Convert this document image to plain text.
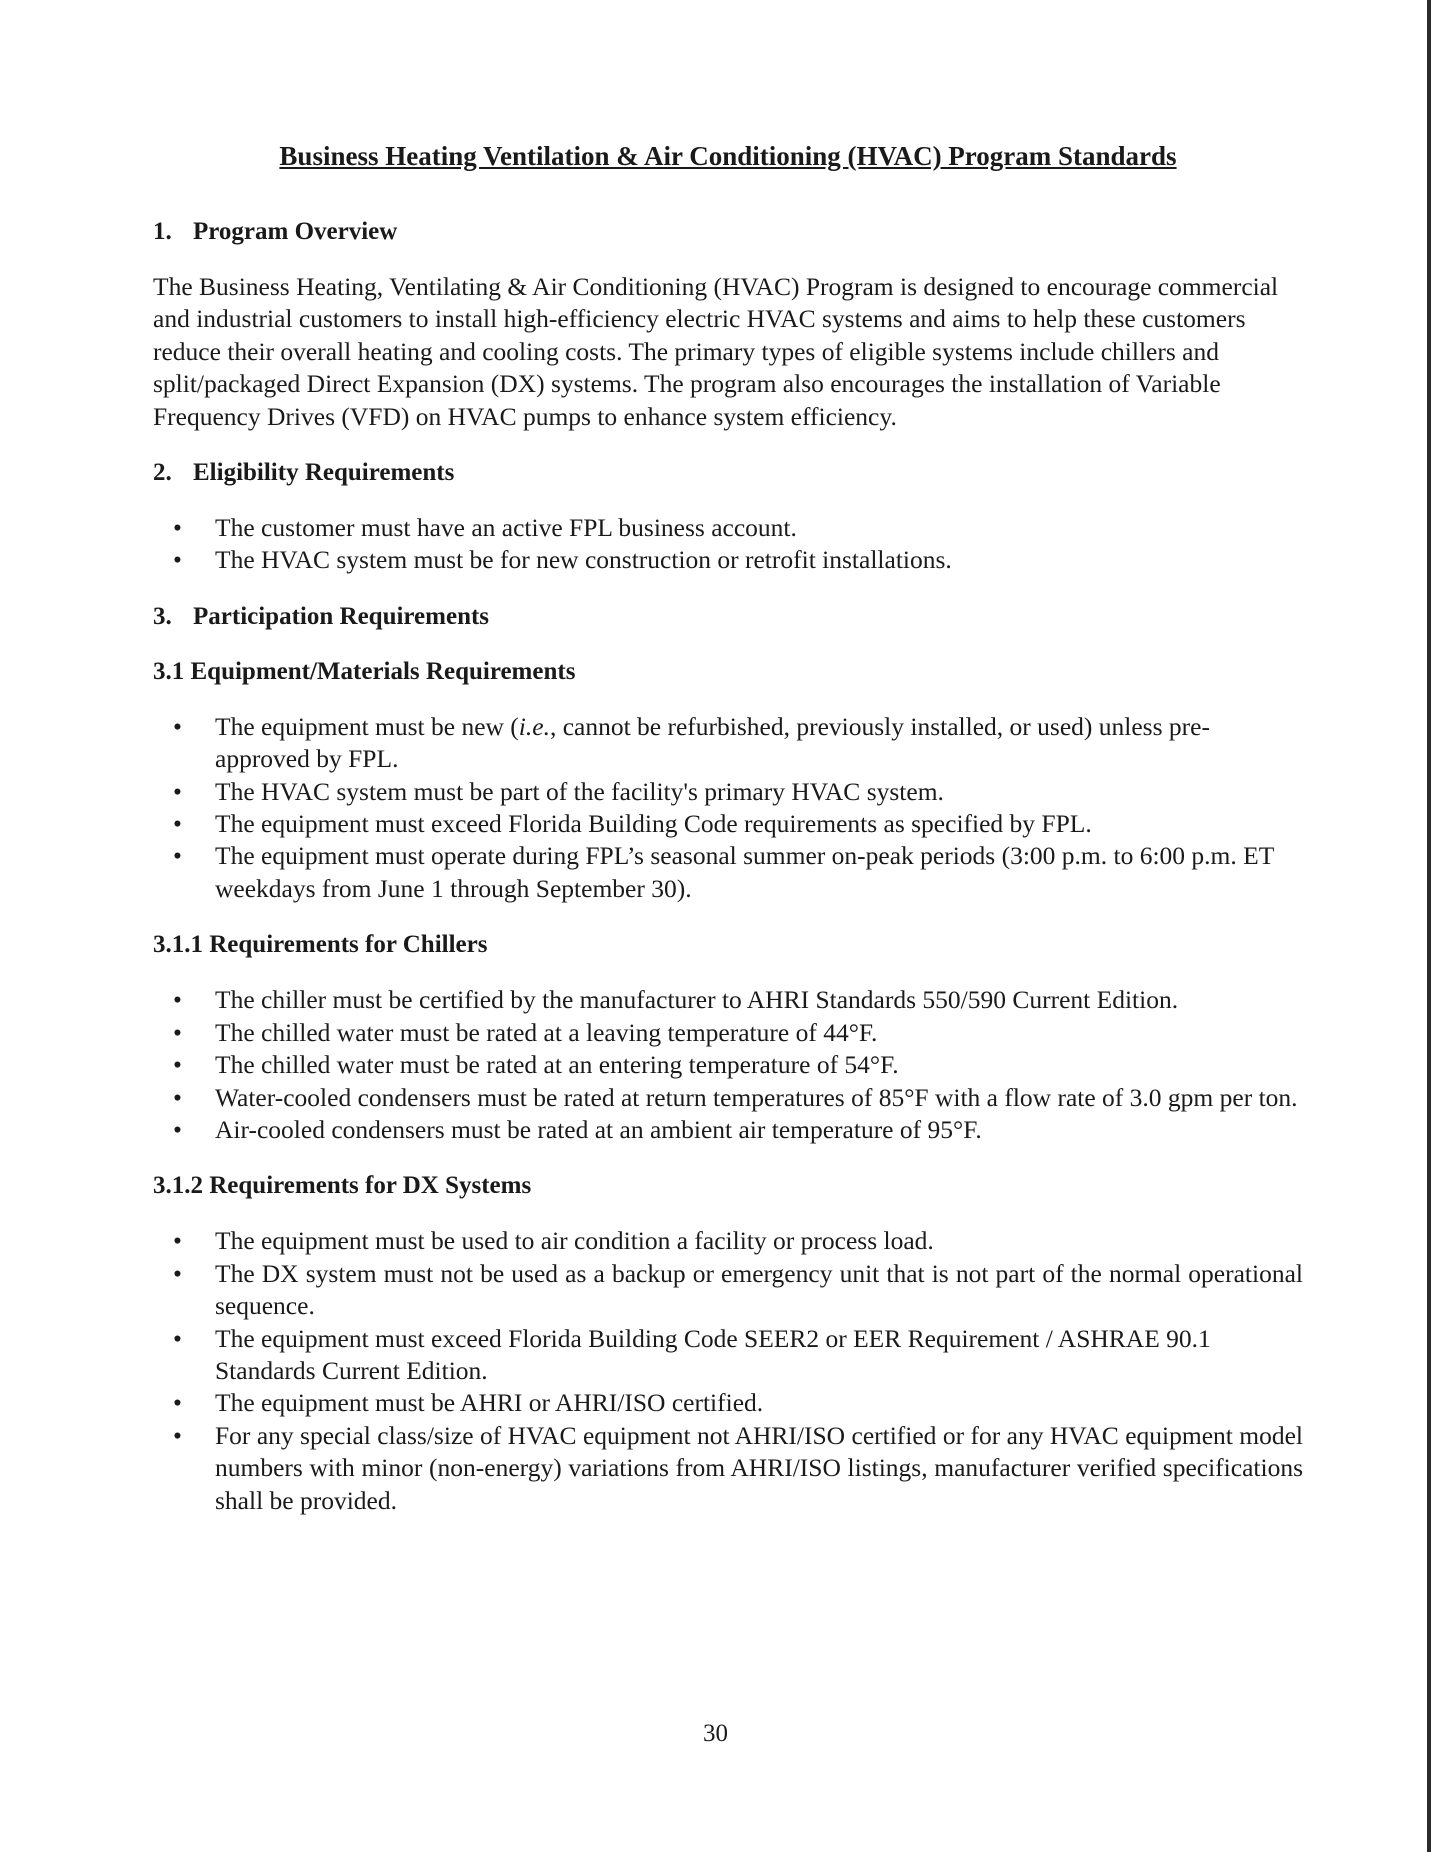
Business Heating Ventilation & Air Conditioning (HVAC) Program Standards
1. Program Overview

The Business Heating, Ventilating & Air Conditioning (HVAC) Program is designed to encourage commercial and industrial customers to install high-efficiency electric HVAC systems and aims to help these customers reduce their overall heating and cooling costs. The primary types of eligible systems include chillers and split/packaged Direct Expansion (DX) systems. The program also encourages the installation of Variable Frequency Drives (VFD) on HVAC pumps to enhance system efficiency.

2. Eligibility Requirements
• The customer must have an active FPL business account.
• The HVAC system must be for new construction or retrofit installations.
3. Participation Requirements
3.1 Equipment/Materials Requirements
• The equipment must be new (i.e., cannot be refurbished, previously installed, or used) unless pre-approved by FPL.
• The HVAC system must be part of the facility's primary HVAC system.
• The equipment must exceed Florida Building Code requirements as specified by FPL.
• The equipment must operate during FPL’s seasonal summer on-peak periods (3:00 p.m. to 6:00 p.m. ET weekdays from June 1 through September 30).
3.1.1 Requirements for Chillers
• The chiller must be certified by the manufacturer to AHRI Standards 550/590 Current Edition.
• The chilled water must be rated at a leaving temperature of 44°F.
• The chilled water must be rated at an entering temperature of 54°F.
• Water-cooled condensers must be rated at return temperatures of 85°F with a flow rate of 3.0 gpm per ton.
• Air-cooled condensers must be rated at an ambient air temperature of 95°F.
3.1.2 Requirements for DX Systems
• The equipment must be used to air condition a facility or process load.
• The DX system must not be used as a backup or emergency unit that is not part of the normal operational sequence.
• The equipment must exceed Florida Building Code SEER2 or EER Requirement / ASHRAE 90.1 Standards Current Edition.
• The equipment must be AHRI or AHRI/ISO certified.
• For any special class/size of HVAC equipment not AHRI/ISO certified or for any HVAC equipment model numbers with minor (non-energy) variations from AHRI/ISO listings, manufacturer verified specifications shall be provided.
30
